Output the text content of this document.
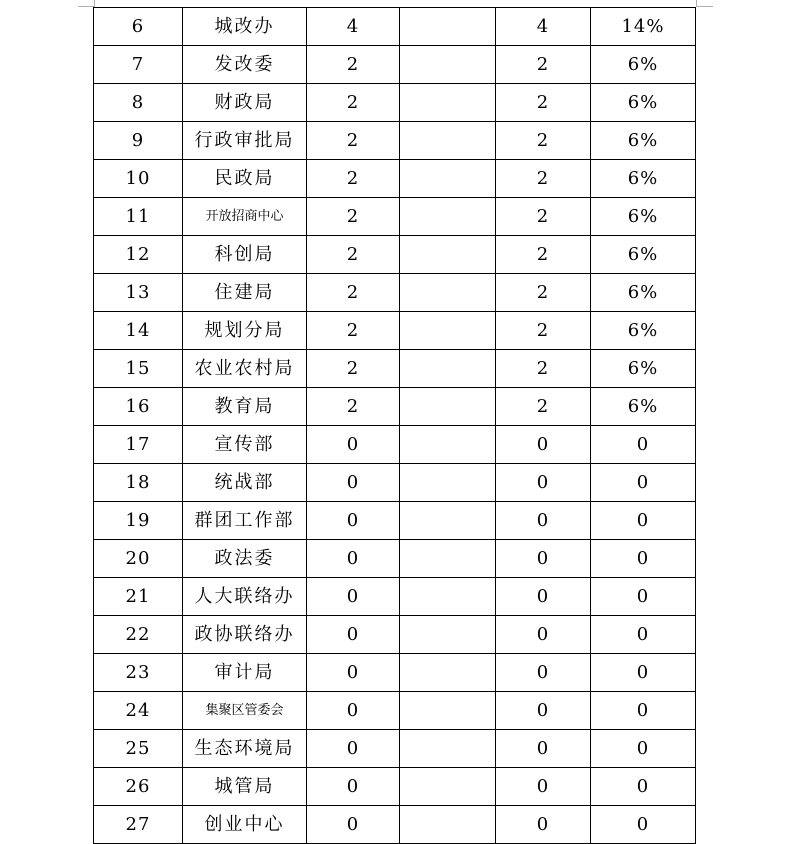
6	城改办	4		4	14%
7	发改委	2		2	6%
8	财政局	2		2	6%
9	行政审批局	2		2	6%
10	民政局	2		2	6%
11	开放招商中心	2		2	6%
12	科创局	2		2	6%
13	住建局	2		2	6%
14	规划分局	2		2	6%
15	农业农村局	2		2	6%
16	教育局	2		2	6%
17	宣传部	0		0	0
18	统战部	0		0	0
19	群团工作部	0		0	0
20	政法委	0		0	0
21	人大联络办	0		0	0
22	政协联络办	0		0	0
23	审计局	0		0	0
24	集聚区管委会	0		0	0
25	生态环境局	0		0	0
26	城管局	0		0	0
27	创业中心	0		0	0
